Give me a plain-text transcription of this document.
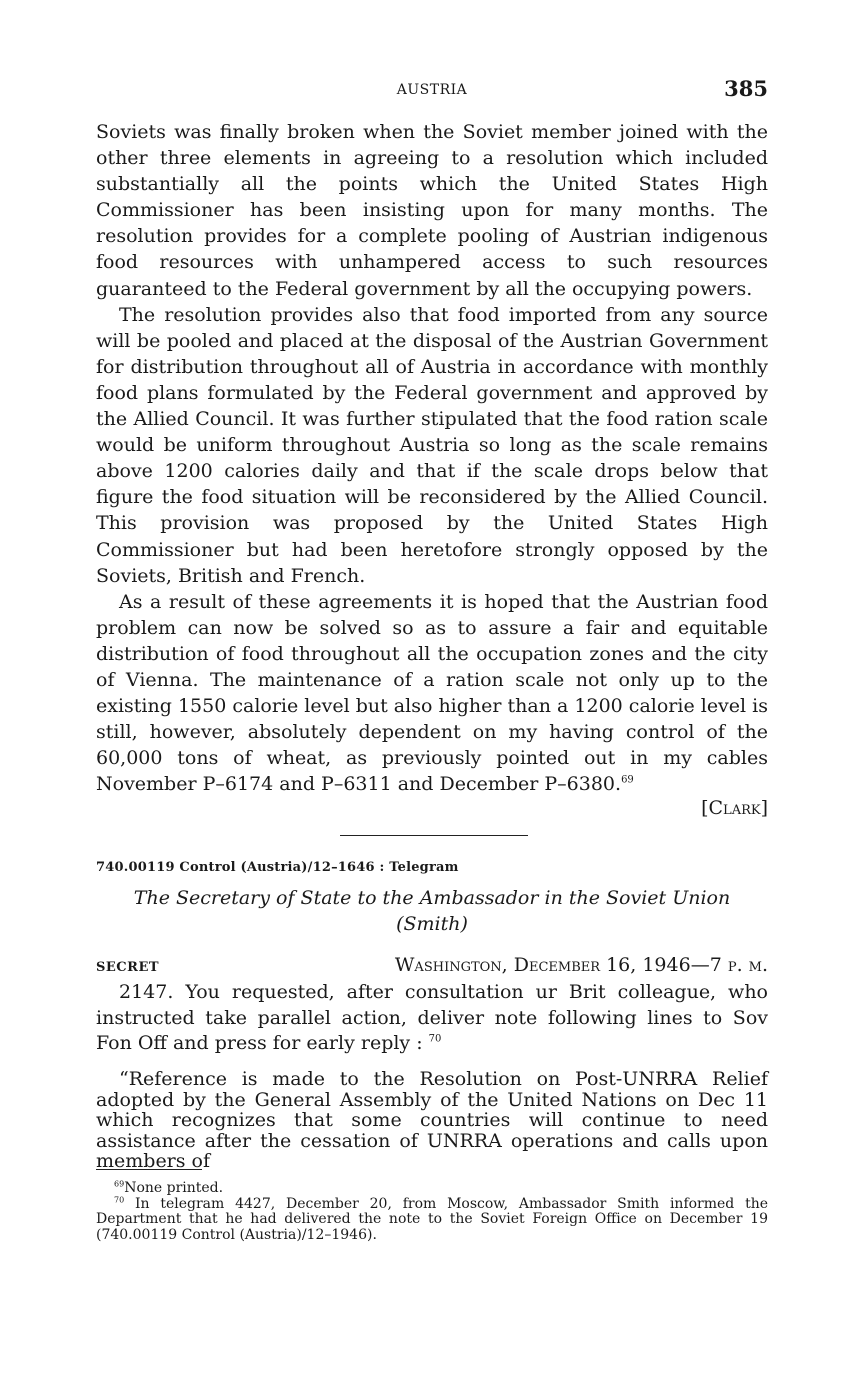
AUSTRIA	385

Soviets was finally broken when the Soviet member joined with the other three elements in agreeing to a resolution which included substantially all the points which the United States High Commissioner has been insisting upon for many months. The resolution provides for a complete pooling of Austrian indigenous food resources with unhampered access to such resources guaranteed to the Federal government by all the occupying powers.

The resolution provides also that food imported from any source will be pooled and placed at the disposal of the Austrian Government for distribution throughout all of Austria in accordance with monthly food plans formulated by the Federal government and approved by the Allied Council. It was further stipulated that the food ration scale would be uniform throughout Austria so long as the scale remains above 1200 calories daily and that if the scale drops below that figure the food situation will be reconsidered by the Allied Council. This provision was proposed by the United States High Commissioner but had been heretofore strongly opposed by the Soviets, British and French.

As a result of these agreements it is hoped that the Austrian food problem can now be solved so as to assure a fair and equitable distribution of food throughout all the occupation zones and the city of Vienna. The maintenance of a ration scale not only up to the existing 1550 calorie level but also higher than a 1200 calorie level is still, however, absolutely dependent on my having control of the 60,000 tons of wheat, as previously pointed out in my cables November P–6174 and P–6311 and December P–6380.69

[Clark]
740.00119 Control (Austria)/12–1646 : Telegram
The Secretary of State to the Ambassador in the Soviet Union
(Smith)
SECRET	Washington, December 16, 1946—7 p. m.

2147. You requested, after consultation ur Brit colleague, who instructed take parallel action, deliver note following lines to Sov Fon Off and press for early reply : $^{70}$

“Reference is made to the Resolution on Post-UNRRA Relief adopted by the General Assembly of the United Nations on Dec 11 which recognizes that some countries will continue to need assistance after the cessation of UNRRA operations and calls upon members of

$^{69}$None printed.

$^{70}$ In telegram 4427, December 20, from Moscow, Ambassador Smith informed the Department that he had delivered the note to the Soviet Foreign Office on December 19 (740.00119 Control (Austria)/12–1946).
